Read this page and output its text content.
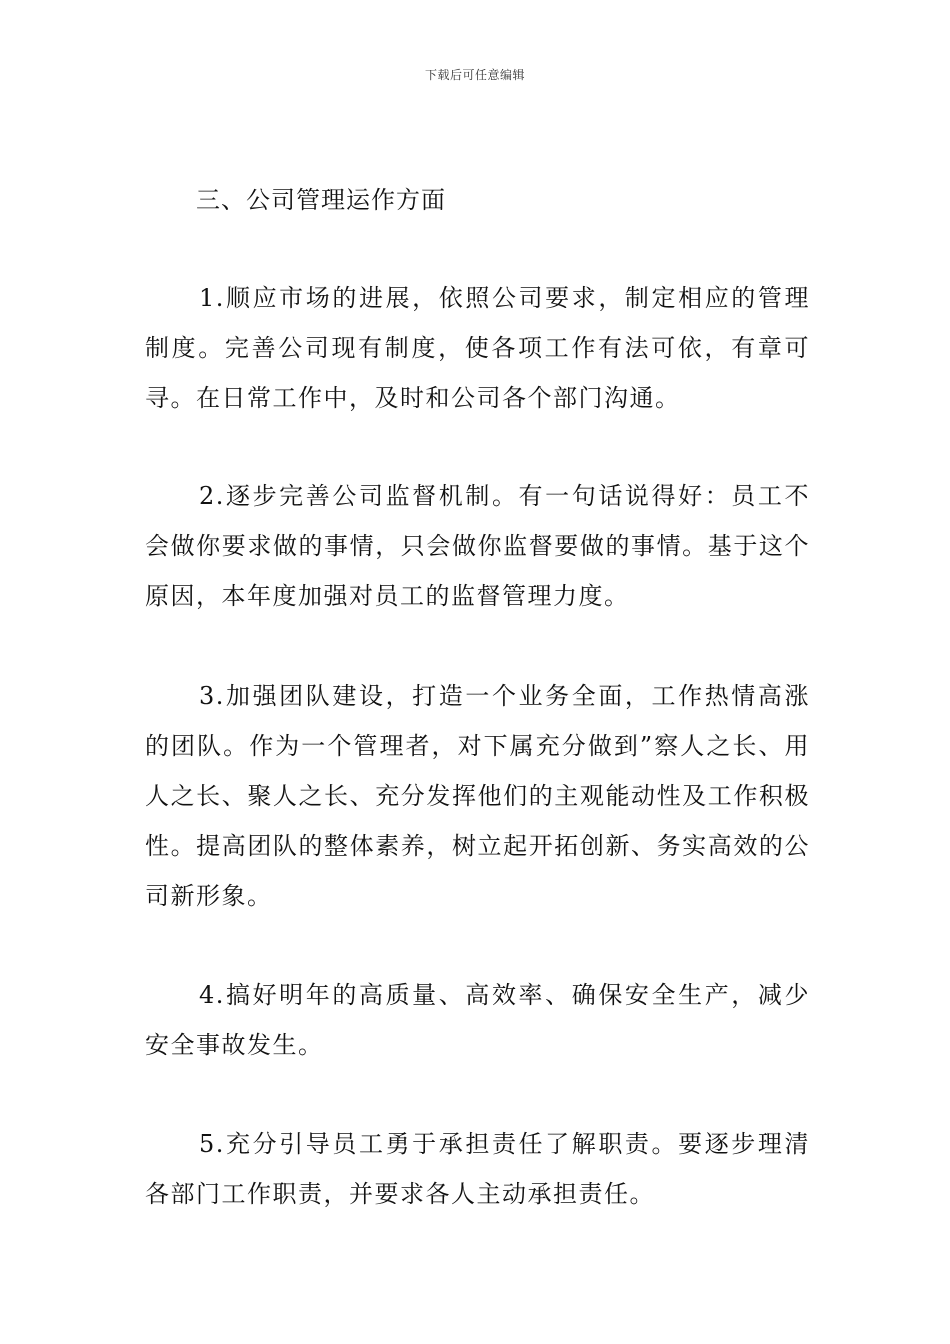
下载后可任意编辑
三、公司管理运作方面

1.顺应市场的进展，依照公司要求，制定相应的管理制度。完善公司现有制度，使各项工作有法可依，有章可寻。在日常工作中，及时和公司各个部门沟通。

2.逐步完善公司监督机制。有一句话说得好：员工不会做你要求做的事情，只会做你监督要做的事情。基于这个原因，本年度加强对员工的监督管理力度。

3.加强团队建设，打造一个业务全面，工作热情高涨的团队。作为一个管理者，对下属充分做到”察人之长、用人之长、聚人之长、充分发挥他们的主观能动性及工作积极性。提高团队的整体素养，树立起开拓创新、务实高效的公司新形象。

4.搞好明年的高质量、高效率、确保安全生产，减少安全事故发生。

5.充分引导员工勇于承担责任了解职责。要逐步理清各部门工作职责，并要求各人主动承担责任。
